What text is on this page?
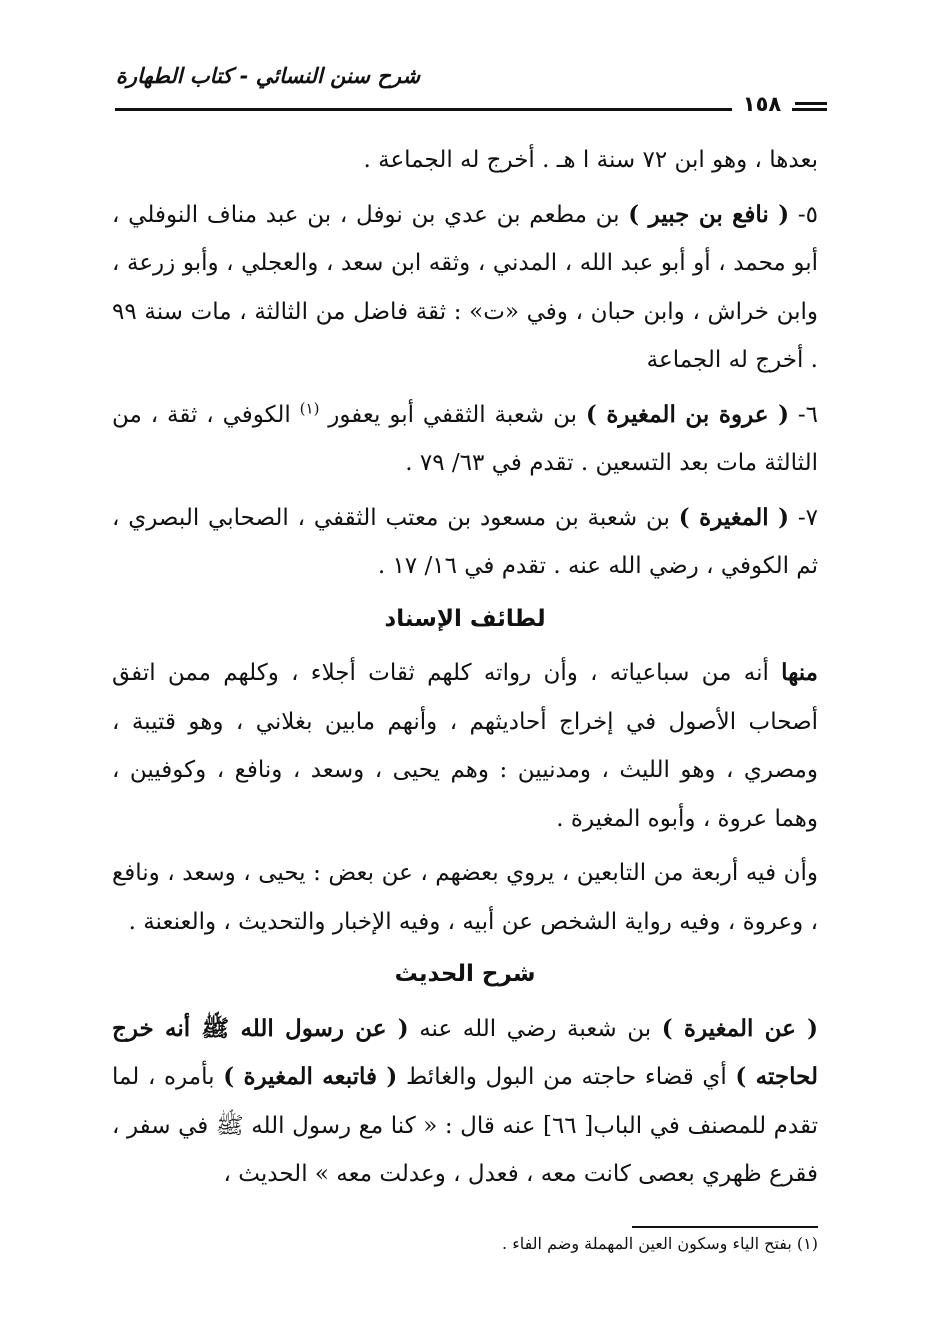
شرح سنن النسائي - كتاب الطهارة
١٥٨

بعدها ، وهو ابن ٧٢ سنة ا هـ . أخرج له الجماعة .

٥- ( نافع بن جبير ) بن مطعم بن عدي بن نوفل ، بن عبد مناف النوفلي ، أبو محمد ، أو أبو عبد الله ، المدني ، وثقه ابن سعد ، والعجلي ، وأبو زرعة ، وابن خراش ، وابن حبان ، وفي «ت» : ثقة فاضل من الثالثة ، مات سنة ٩٩ . أخرج له الجماعة

٦- ( عروة بن المغيرة ) بن شعبة الثقفي أبو يعفور $^{(١)}$ الكوفي ، ثقة ، من الثالثة مات بعد التسعين . تقدم في ٦٣/ ٧٩ .

٧- ( المغيرة ) بن شعبة بن مسعود بن معتب الثقفي ، الصحابي البصري ، ثم الكوفي ، رضي الله عنه . تقدم في ١٦/ ١٧ .

لطائف الإسناد

منها أنه من سباعياته ، وأن رواته كلهم ثقات أجلاء ، وكلهم ممن اتفق أصحاب الأصول في إخراج أحاديثهم ، وأنهم مابين بغلاني ، وهو قتيبة ، ومصري ، وهو الليث ، ومدنيين : وهم يحيى ، وسعد ، ونافع ، وكوفيين ، وهما عروة ، وأبوه المغيرة .

وأن فيه أربعة من التابعين ، يروي بعضهم ، عن بعض : يحيى ، وسعد ، ونافع ، وعروة ، وفيه رواية الشخص عن أبيه ، وفيه الإخبار والتحديث ، والعنعنة .

شرح الحديث

( عن المغيرة ) بن شعبة رضي الله عنه ( عن رسول الله ﷺ أنه خرج لحاجته ) أي قضاء حاجته من البول والغائط ( فاتبعه المغيرة ) بأمره ، لما تقدم للمصنف في الباب[ ٦٦] عنه قال : « كنا مع رسول الله ﷺ في سفر ، فقرع ظهري بعصى كانت معه ، فعدل ، وعدلت معه » الحديث ،

(١) بفتح الياء وسكون العين المهملة وضم الفاء .
